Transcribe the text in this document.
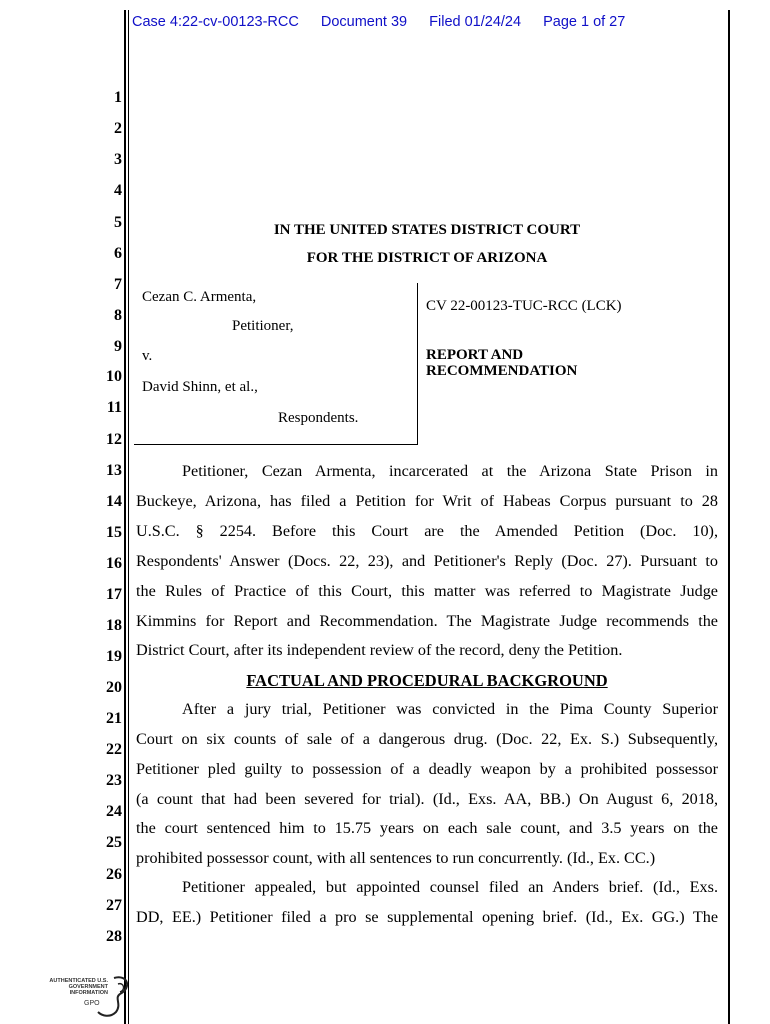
Case 4:22-cv-00123-RCC Document 39 Filed 01/24/24 Page 1 of 27
1
2
3
4
5
6
7
8
9
10
11
12
13
14
15
16
17
18
19
20
21
22
23
24
25
26
27
28
IN THE UNITED STATES DISTRICT COURT
FOR THE DISTRICT OF ARIZONA
Cezan C. Armenta,
Petitioner,
v.
David Shinn, et al.,
Respondents.
CV 22-00123-TUC-RCC (LCK)
REPORT AND
RECOMMENDATION
Petitioner, Cezan Armenta, incarcerated at the Arizona State Prison in
Buckeye, Arizona, has filed a Petition for Writ of Habeas Corpus pursuant to 28
U.S.C. § 2254. Before this Court are the Amended Petition (Doc. 10),
Respondents' Answer (Docs. 22, 23), and Petitioner's Reply (Doc. 27). Pursuant to
the Rules of Practice of this Court, this matter was referred to Magistrate Judge
Kimmins for Report and Recommendation. The Magistrate Judge recommends the
District Court, after its independent review of the record, deny the Petition.
FACTUAL AND PROCEDURAL BACKGROUND
After a jury trial, Petitioner was convicted in the Pima County Superior
Court on six counts of sale of a dangerous drug. (Doc. 22, Ex. S.) Subsequently,
Petitioner pled guilty to possession of a deadly weapon by a prohibited possessor
(a count that had been severed for trial). (Id., Exs. AA, BB.) On August 6, 2018,
the court sentenced him to 15.75 years on each sale count, and 3.5 years on the
prohibited possessor count, with all sentences to run concurrently. (Id., Ex. CC.)
Petitioner appealed, but appointed counsel filed an Anders brief. (Id., Exs.
DD, EE.) Petitioner filed a pro se supplemental opening brief. (Id., Ex. GG.) The
AUTHENTICATED U.S. GOVERNMENT INFORMATION
GPO
